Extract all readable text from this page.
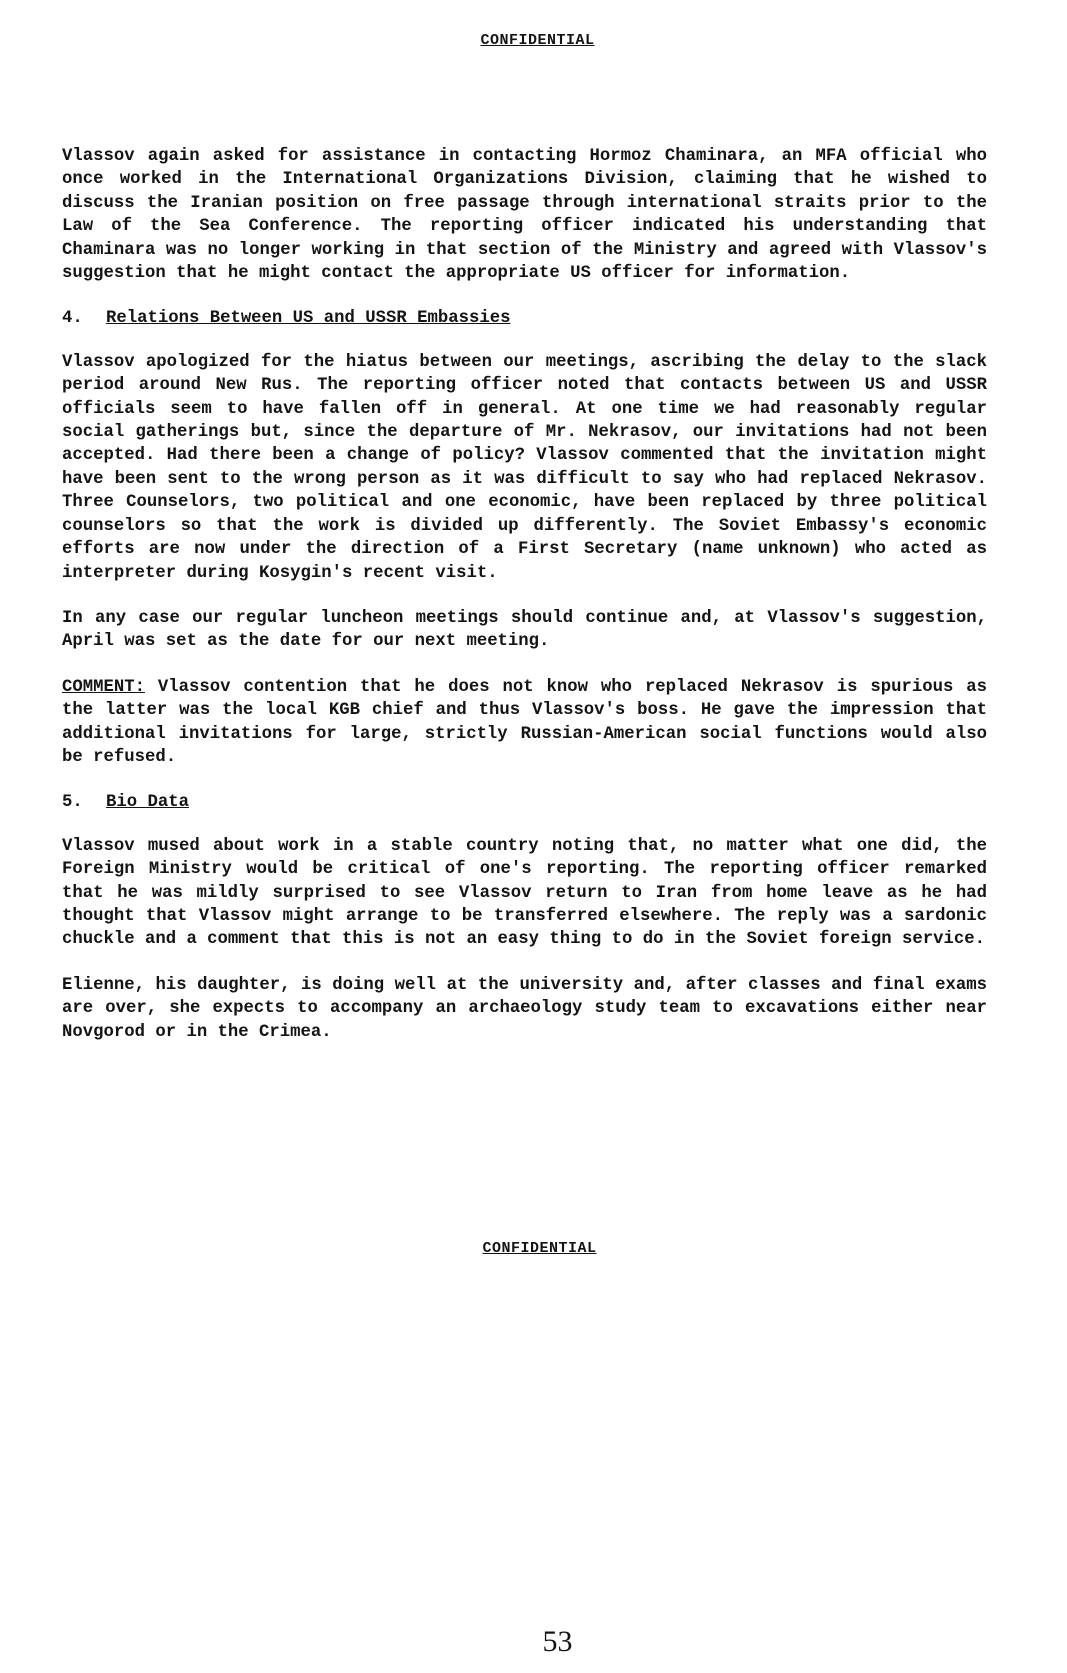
CONFIDENTIAL

Vlassov again asked for assistance in contacting Hormoz Chaminara, an MFA official who once worked in the International Organizations Division, claiming that he wished to discuss the Iranian position on free passage through international straits prior to the Law of the Sea Conference. The reporting officer indicated his understanding that Chaminara was no longer working in that section of the Ministry and agreed with Vlassov's suggestion that he might contact the appropriate US officer for information.

4. Relations Between US and USSR Embassies

Vlassov apologized for the hiatus between our meetings, ascribing the delay to the slack period around New Rus. The reporting officer noted that contacts between US and USSR officials seem to have fallen off in general. At one time we had reasonably regular social gatherings but, since the departure of Mr. Nekrasov, our invitations had not been accepted. Had there been a change of policy? Vlassov commented that the invitation might have been sent to the wrong person as it was difficult to say who had replaced Nekrasov. Three Counselors, two political and one economic, have been replaced by three political counselors so that the work is divided up differently. The Soviet Embassy's economic efforts are now under the direction of a First Secretary (name unknown) who acted as interpreter during Kosygin's recent visit.

In any case our regular luncheon meetings should continue and, at Vlassov's suggestion, April was set as the date for our next meeting.

COMMENT: Vlassov contention that he does not know who replaced Nekrasov is spurious as the latter was the local KGB chief and thus Vlassov's boss. He gave the impression that additional invitations for large, strictly Russian-American social functions would also be refused.

5. Bio Data

Vlassov mused about work in a stable country noting that, no matter what one did, the Foreign Ministry would be critical of one's reporting. The reporting officer remarked that he was mildly surprised to see Vlassov return to Iran from home leave as he had thought that Vlassov might arrange to be transferred elsewhere. The reply was a sardonic chuckle and a comment that this is not an easy thing to do in the Soviet foreign service.

Elienne, his daughter, is doing well at the university and, after classes and final exams are over, she expects to accompany an archaeology study team to excavations either near Novgorod or in the Crimea.

CONFIDENTIAL
53
